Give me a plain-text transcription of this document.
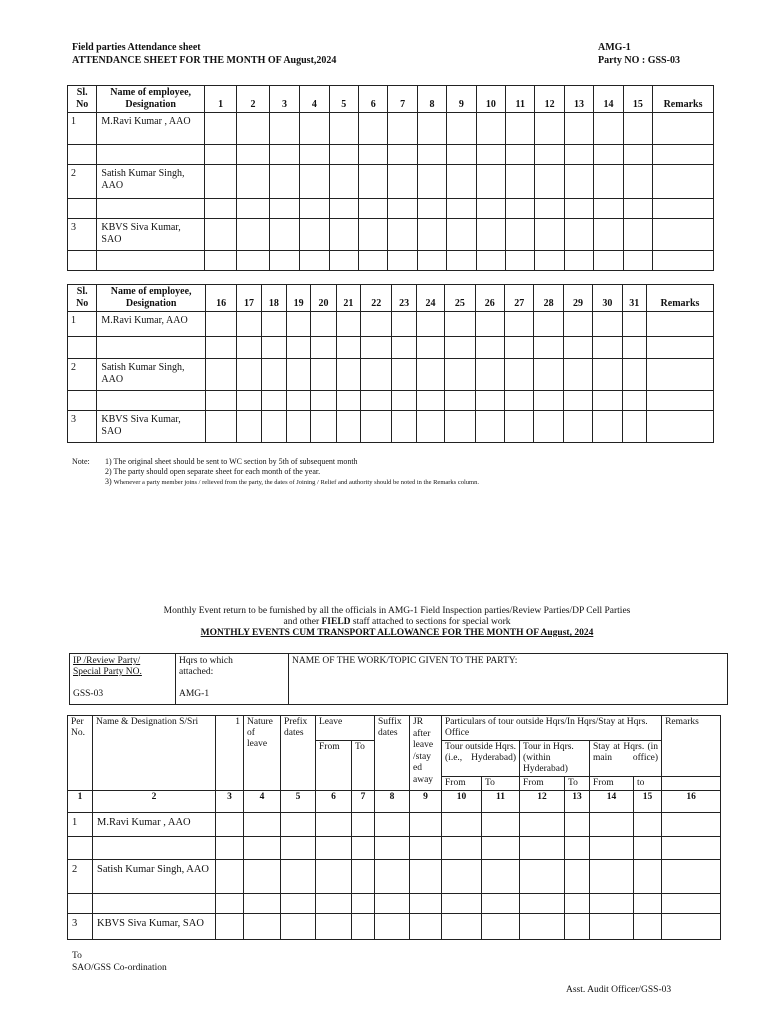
Field parties Attendance sheet
ATTENDANCE SHEET FOR THE MONTH OF August,2024
AMG-1
Party NO : GSS-03
Sl. No	Name of employee, Designation	1	2	3	4	5	6	7	8	9	10	11	12	13	14	15	Remarks
1	M.Ravi Kumar , AAO																

2	Satish Kumar Singh, AAO																

3	KBVS Siva Kumar, SAO																

Sl. No	Name of employee, Designation	16	17	18	19	20	21	22	23	24	25	26	27	28	29	30	31	Remarks
1	M.Ravi Kumar, AAO																	

2	Satish Kumar Singh, AAO																	

3	KBVS Siva Kumar, SAO																	
Note: 1) The original sheet should be sent to WC section by 5th of subsequent month
2) The party should open separate sheet for each month of the year.
3) Whenever a party member joins / relieved from the party, the dates of Joining / Relief and authority should be noted in the Remarks column.
Monthly Event return to be furnished by all the officials in AMG-1 Field Inspection parties/Review Parties/DP Cell Parties
and other FIELD staff attached to sections for special work
MONTHLY EVENTS CUM TRANSPORT ALLOWANCE FOR THE MONTH OF August, 2024
IP /Review Party/
Special Party NO.
GSS-03

Hqrs to which
attached:
AMG-1
	NAME OF THE WORK/TOPIC GIVEN TO THE PARTY:
Per No.	Name & Designation S/Sri	1	Nature of leave	Prefix dates	Leave		Suffix dates	JR after leave /stay ed away	Particulars of tour outside Hqrs/In Hqrs/Stay at Hqrs. Office						Remarks
					From	To			Tour outside Hqrs. (i.e., Hyderabad)		Tour in Hqrs. (within Hyderabad)		Stay at Hqrs. (in main office)		
									From	To	From	To	From	to	
1	2	3	4	5	6	7	8	9	10	11	12	13	14	15	16
1	M.Ravi Kumar , AAO														

2	Satish Kumar Singh, AAO														

3	KBVS Siva Kumar, SAO														
To
SAO/GSS Co-ordination
Asst. Audit Officer/GSS-03
